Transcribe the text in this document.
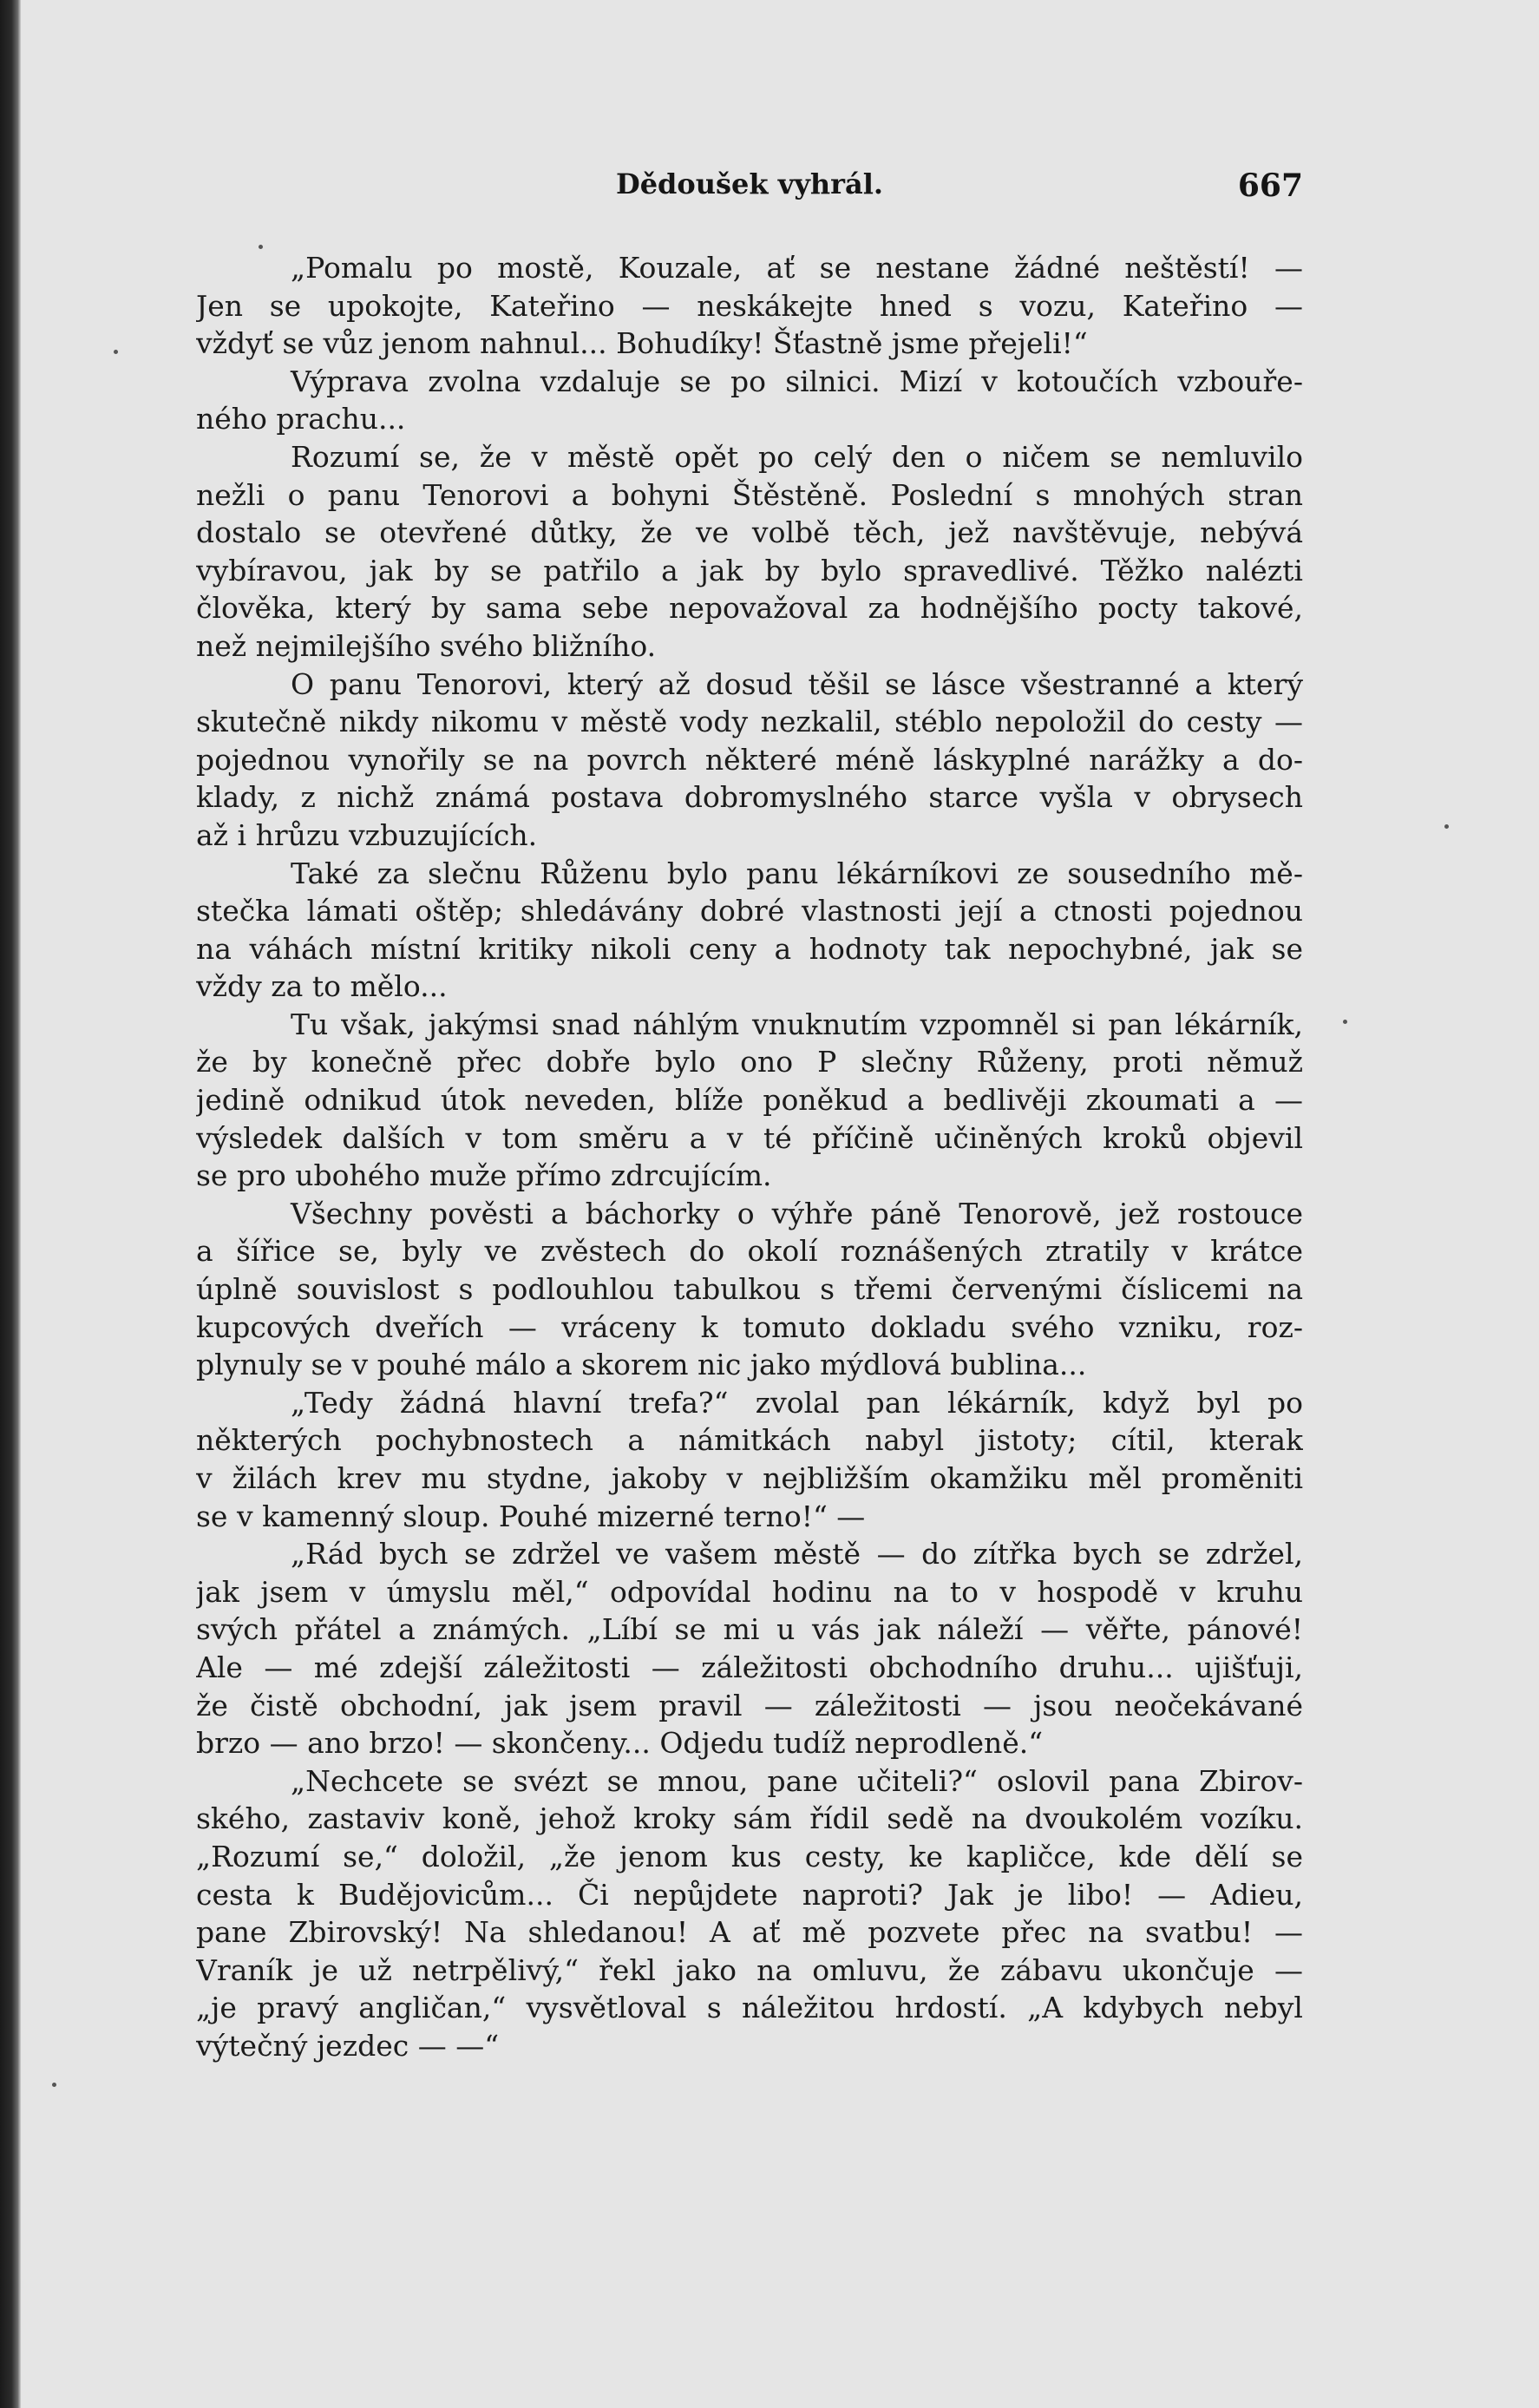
Dědoušek vyhrál.	667
„Pomalu po mostě, Kouzale, ať se nestane žádné neštěstí! —
Jen se upokojte, Kateřino — neskákejte hned s vozu, Kateřino —
vždyť se vůz jenom nahnul... Bohudíky! Šťastně jsme přejeli!“
Výprava zvolna vzdaluje se po silnici. Mizí v kotoučích vzbouře-
ného prachu...
Rozumí se, že v městě opět po celý den o ničem se nemluvilo
nežli o panu Tenorovi a bohyni Štěstěně. Poslední s mnohých stran
dostalo se otevřené důtky, že ve volbě těch, jež navštěvuje, nebývá
vybíravou, jak by se patřilo a jak by bylo spravedlivé. Těžko nalézti
člověka, který by sama sebe nepovažoval za hodnějšího pocty takové,
než nejmilejšího svého bližního.
O panu Tenorovi, který až dosud těšil se lásce všestranné a který
skutečně nikdy nikomu v městě vody nezkalil, stéblo nepoložil do cesty —
pojednou vynořily se na povrch některé méně láskyplné narážky a do-
klady, z nichž známá postava dobromyslného starce vyšla v obrysech
až i hrůzu vzbuzujících.
Také za slečnu Růženu bylo panu lékárníkovi ze sousedního mě-
stečka lámati oštěp; shledávány dobré vlastnosti její a ctnosti pojednou
na váhách místní kritiky nikoli ceny a hodnoty tak nepochybné, jak se
vždy za to mělo...
Tu však, jakýmsi snad náhlým vnuknutím vzpomněl si pan lékárník,
že by konečně přec dobře bylo ono P slečny Růženy, proti němuž
jedině odnikud útok neveden, blíže poněkud a bedlivěji zkoumati a —
výsledek dalších v tom směru a v té příčině učiněných kroků objevil
se pro ubohého muže přímo zdrcujícím.
Všechny pověsti a báchorky o výhře páně Tenorově, jež rostouce
a šířice se, byly ve zvěstech do okolí roznášených ztratily v krátce
úplně souvislost s podlouhlou tabulkou s třemi červenými číslicemi na
kupcových dveřích — vráceny k tomuto dokladu svého vzniku, roz-
plynuly se v pouhé málo a skorem nic jako mýdlová bublina...
„Tedy žádná hlavní trefa?“ zvolal pan lékárník, když byl po
některých pochybnostech a námitkách nabyl jistoty; cítil, kterak
v žilách krev mu stydne, jakoby v nejbližším okamžiku měl proměniti
se v kamenný sloup. Pouhé mizerné terno!“ —
„Rád bych se zdržel ve vašem městě — do zítřka bych se zdržel,
jak jsem v úmyslu měl,“ odpovídal hodinu na to v hospodě v kruhu
svých přátel a známých. „Líbí se mi u vás jak náleží — věřte, pánové!
Ale — mé zdejší záležitosti — záležitosti obchodního druhu... ujišťuji,
že čistě obchodní, jak jsem pravil — záležitosti — jsou neočekávané
brzo — ano brzo! — skončeny... Odjedu tudíž neprodleně.“
„Nechcete se svézt se mnou, pane učiteli?“ oslovil pana Zbirov-
ského, zastaviv koně, jehož kroky sám řídil sedě na dvoukolém vozíku.
„Rozumí se,“ doložil, „že jenom kus cesty, ke kapličce, kde dělí se
cesta k Budějovicům... Či nepůjdete naproti? Jak je libo! — Adieu,
pane Zbirovský! Na shledanou! A ať mě pozvete přec na svatbu! —
Vraník je už netrpělivý,“ řekl jako na omluvu, že zábavu ukončuje —
„je pravý angličan,“ vysvětloval s náležitou hrdostí. „A kdybych nebyl
výtečný jezdec — —“
